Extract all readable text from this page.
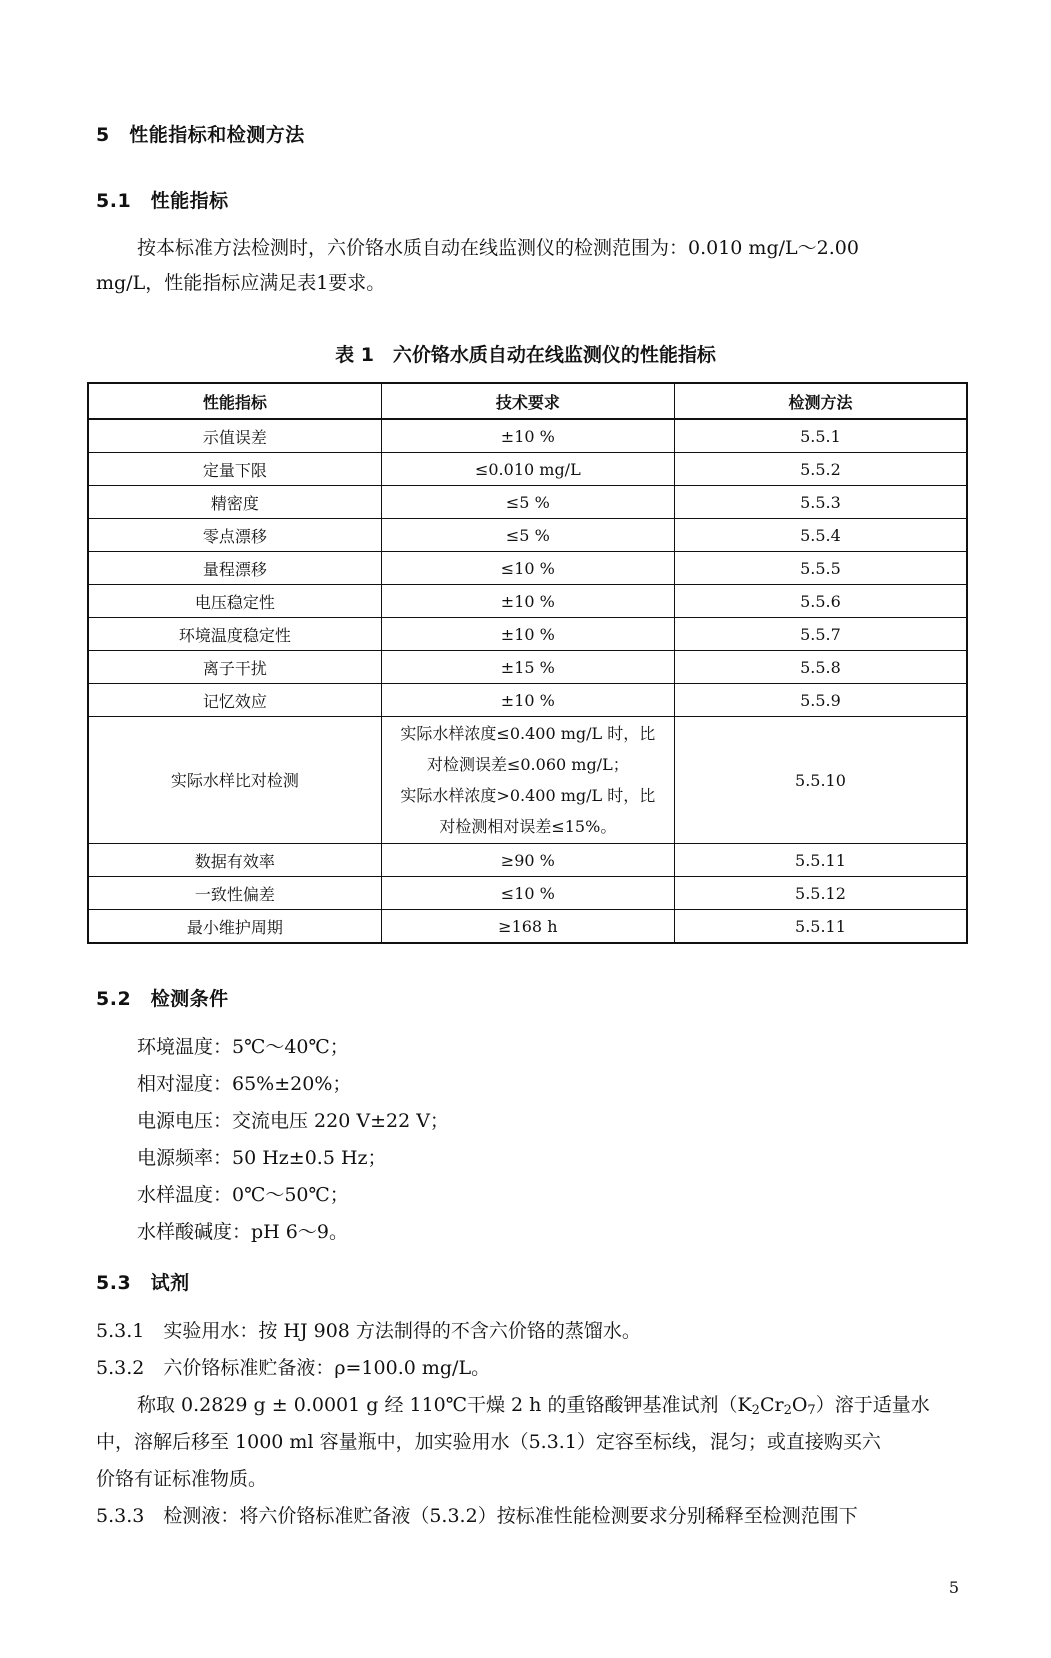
5　性能指标和检测方法
5.1　性能指标
按本标准方法检测时，六价铬水质自动在线监测仪的检测范围为：0.010 mg/L～2.00
mg/L，性能指标应满足表1要求。
表 1　六价铬水质自动在线监测仪的性能指标
性能指标	技术要求	检测方法
示值误差	±10 %	5.5.1
定量下限	≤0.010 mg/L	5.5.2
精密度	≤5 %	5.5.3
零点漂移	≤5 %	5.5.4
量程漂移	≤10 %	5.5.5
电压稳定性	±10 %	5.5.6
环境温度稳定性	±10 %	5.5.7
离子干扰	±15 %	5.5.8
记忆效应	±10 %	5.5.9
实际水样比对检测	实际水样浓度≤0.400 mg/L 时，比
对检测误差≤0.060 mg/L；
实际水样浓度>0.400 mg/L 时，比
对检测相对误差≤15%。	5.5.10
数据有效率	≥90 %	5.5.11
一致性偏差	≤10 %	5.5.12
最小维护周期	≥168 h	5.5.11
5.2　检测条件
环境温度：5℃～40℃；
相对湿度：65%±20%；
电源电压：交流电压 220 V±22 V；
电源频率：50 Hz±0.5 Hz；
水样温度：0℃～50℃；
水样酸碱度：pH 6～9。
5.3　试剂
5.3.1　实验用水：按 HJ 908 方法制得的不含六价铬的蒸馏水。
5.3.2　六价铬标准贮备液：ρ=100.0 mg/L。
称取 0.2829 g ± 0.0001 g 经 110℃干燥 2 h 的重铬酸钾基准试剂$(K_2Cr_2O_7)$溶于适量水
中，溶解后移至 1000 ml 容量瓶中，加实验用水（5.3.1）定容至标线，混匀；或直接购买六
价铬有证标准物质。
5.3.3　检测液：将六价铬标准贮备液（5.3.2）按标准性能检测要求分别稀释至检测范围下
5
